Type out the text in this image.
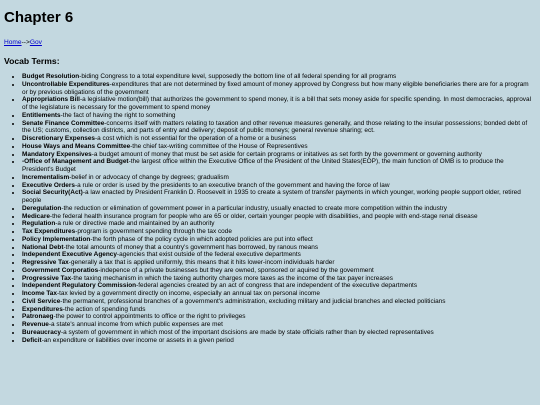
Chapter 6
Home-->Gov
Vocab Terms:
• Budget Resolution-biding Congress to a total expenditure level, supposedly the bottom line of all federal spending for all programs
• Uncontrollable Expenditures-expenditures that are not determined by fixed amount of money approved by Congress but how many eligible beneficiaries there are for a program or by previous obligations of the government
• Appropriations Bill-a legislative motion(bill) that authorizes the government to spend money, it is a bill that sets money aside for specific spending. In most democracies, approval of the legislature is necessary for the government to spend money
• Entitlements-the fact of having the right to something
• Senate Finance Committee-concerns itself with matters relating to taxation and other revenue measures generally, and those relating to the insular possessions; bonded debt of the US; customs, collection districts, and parts of entry and delivery; deposit of public moneys; general revenue sharing; ect.
• Discretionary Expenses-a cost which is not essential for the operation of a home or a business
• House Ways and Means Committee-the chief tax-writing committee of the House of Representives
• Mandatory Expensives-a budget amount of money that must be set aside for certain programs or initatives as set forth by the government or governing authority
• -Office of Management and Budget-the largest office within the Executive Office of the President of the United States(EOP), the main function of OMB is to produce the President's Budget
• Incrementalism-belief in or advocacy of change by degrees; gradualism
• Executive Orders-a rule or order is used by the presidents to an executive branch of the government and having the force of law
• Social Security(Act)-a law enacted by President Franklin D. Roosevelt in 1935 to create a system of transfer payments in which younger, working people support older, retired people
• Deregulation-the reduction or elimination of government power in a particular industry, usually enacted to create more competition within the industry
• Medicare-the federal health insurance program for people who are 65 or older, certain younger people with disabilities, and people with end-stage renal disease
• Regulation-a rule or directive made and maintained by an authority
• Tax Expenditures-program is government spending through the tax code
• Policy Implementation-the forth phase of the policy cycle in which adopted policies are put into effect
• National Debt-the total amounts of money that a country's government has borrowed, by ranous means
• Independent Executive Agency-agencies that exist outside of the federal executive departments
• Regressive Tax-generally a tax that is applied uniformly, this means that it hits lower-incom individuals harder
• Government Corporatios-indepence of a private businesses but they are owned, sponsored or aquired by the government
• Progressive Tax-the taxing mechanism in which the taxing authority charges more taxes as the income of the tax payer increases
• Independent Regulatory Commission-federal agencies created by an act of congress that are independent of the executive departments
• Income Tax-tax levied by a government directly on income, especially an annual tax on personal income
• Civil Service-the permanent, professional branches of a government's administration, excluding military and judicial branches and elected politicians
• Expenditures-the action of spending funds
• Patronaeg-the power to control appointments to office or the right to privileges
• Revenue-a state's annual income from which public expenses are met
• Bureaucracy-a system of government in which most of the important dscisions are made by state officials rather than by elected representatives
• Deficit-an expenditure or liabilities over income or assets in a given period
